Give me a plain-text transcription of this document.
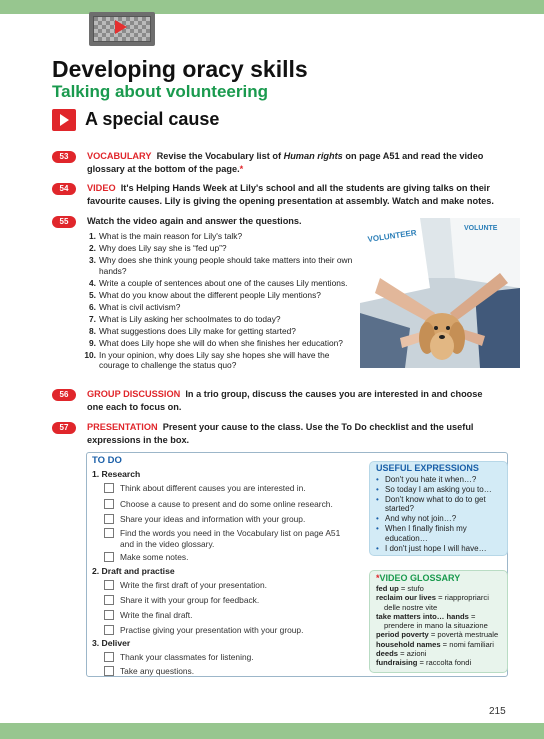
Developing oracy skills
Talking about volunteering
A special cause
53	VOCABULARY Revise the Vocabulary list of Human rights on page A51 and read the video glossary at the bottom of the page.*
54	VIDEO It's Helping Hands Week at Lily's school and all the students are giving talks on their favourite causes. Lily is giving the opening presentation at assembly. Watch and make notes.
55	Watch the video again and answer the questions.
1. What is the main reason for Lily's talk?
2. Why does Lily say she is “fed up”?
3. Why does she think young people should take matters into their own hands?
4. Write a couple of sentences about one of the causes Lily mentions.
5. What do you know about the different people Lily mentions?
6. What is civil activism?
7. What is Lily asking her schoolmates to do today?
8. What suggestions does Lily make for getting started?
9. What does Lily hope she will do when she finishes her education?
10. In your opinion, why does Lily say she hopes she will have the courage to challenge the status quo?
VOLUNTEER	VOLUNTE
56	GROUP DISCUSSION In a trio group, discuss the causes you are interested in and choose one each to focus on.
57	PRESENTATION Present your cause to the class. Use the To Do checklist and the useful expressions in the box.
TO DO
1. Research
Think about different causes you are interested in.
Choose a cause to present and do some online research.
Share your ideas and information with your group.
Find the words you need in the Vocabulary list on page A51 and in the video glossary.
Make some notes.
2. Draft and practise
Write the first draft of your presentation.
Share it with your group for feedback.
Write the final draft.
Practise giving your presentation with your group.
3. Deliver
Thank your classmates for listening.
Take any questions.
• Don't you hate it when…?
• So today I am asking you to…
• Don't know what to do to get started?
• And why not join…?
• When I finally finish my education…
• I don't just hope I will have…
USEFUL EXPRESSIONS
*VIDEO GLOSSARY
fed up = stufo
reclaim our lives = riappropriarci
delle nostre vite
take matters into… hands =
prendere in mano la situazione
period poverty = povertà mestruale
household names = nomi familiari
deeds = azioni
fundraising = raccolta fondi
215
